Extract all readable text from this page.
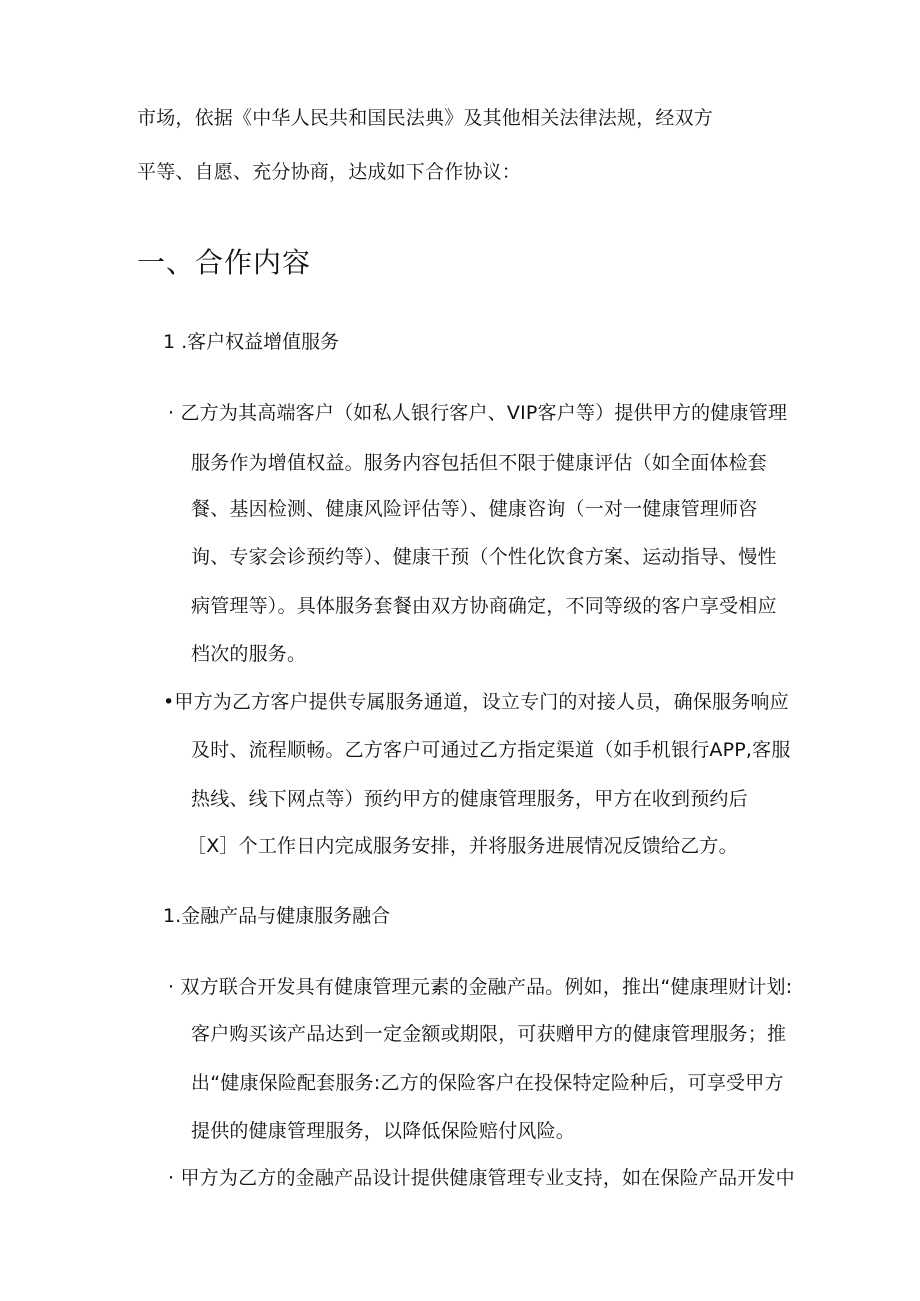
市场，依据《中华人民共和国民法典》及其他相关法律法规，经双方

平等、自愿、充分协商，达成如下合作协议：

一、合作内容
1 .客户权益增值服务

· 乙方为其高端客户（如私人银行客户、VIP客户等）提供甲方的健康管理

服务作为增值权益。服务内容包括但不限于健康评估（如全面体检套

餐、基因检测、健康风险评估等）、健康咨询（一对一健康管理师咨

询、专家会诊预约等）、健康干预（个性化饮食方案、运动指导、慢性

病管理等）。具体服务套餐由双方协商确定，不同等级的客户享受相应

档次的服务。

•甲方为乙方客户提供专属服务通道，设立专门的对接人员，确保服务响应

及时、流程顺畅。乙方客户可通过乙方指定渠道（如手机银行APP,客服

热线、线下网点等）预约甲方的健康管理服务，甲方在收到预约后

［X］个工作日内完成服务安排，并将服务进展情况反馈给乙方。

1.金融产品与健康服务融合

· 双方联合开发具有健康管理元素的金融产品。例如，推出“健康理财计划:

客户购买该产品达到一定金额或期限，可获赠甲方的健康管理服务；推

出“健康保险配套服务:乙方的保险客户在投保特定险种后，可享受甲方

提供的健康管理服务，以降低保险赔付风险。

· 甲方为乙方的金融产品设计提供健康管理专业支持，如在保险产品开发中
